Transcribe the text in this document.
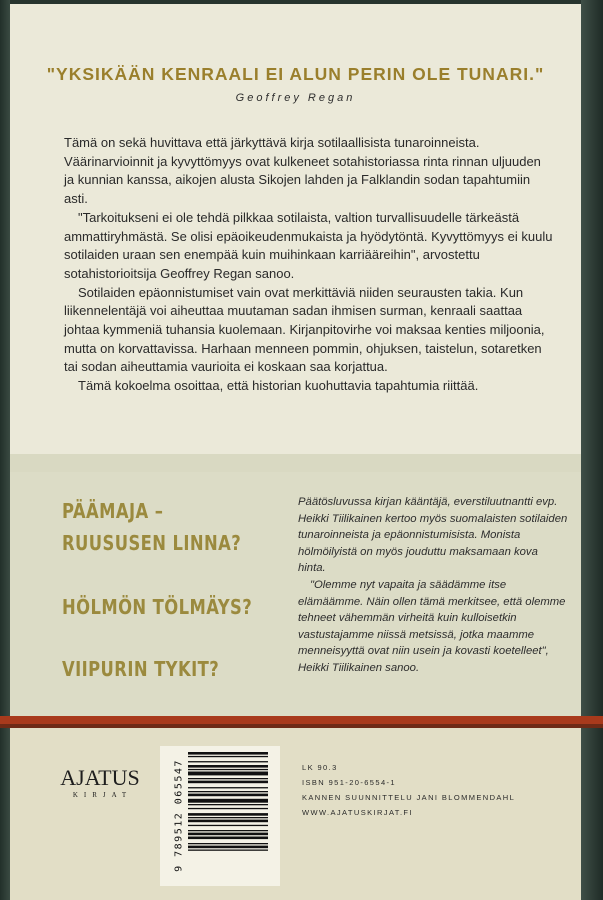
"YKSIKÄÄN KENRAALI EI ALUN PERIN OLE TUNARI."
Geoffrey Regan

Tämä on sekä huvittava että järkyttävä kirja sotilaallisista tunaroinneista. Väärinarvioinnit ja kyvyttömyys ovat kulkeneet sotahistoriassa rinta rinnan uljuuden ja kunnian kanssa, aikojen alusta Sikojen lahden ja Falklandin sodan tapahtumiin asti.

"Tarkoitukseni ei ole tehdä pilkkaa sotilaista, valtion turvallisuudelle tärkeästä ammattiryhmästä. Se olisi epäoikeudenmukaista ja hyödytöntä. Kyvyttömyys ei kuulu sotilaiden uraan sen enempää kuin muihinkaan karriääreihin", arvostettu sotahistorioitsija Geoffrey Regan sanoo.

Sotilaiden epäonnistumiset vain ovat merkittäviä niiden seurausten takia. Kun liikennelentäjä voi aiheuttaa muutaman sadan ihmisen surman, kenraali saattaa johtaa kymmeniä tuhansia kuolemaan. Kirjanpitovirhe voi maksaa kenties miljoonia, mutta on korvattavissa. Harhaan menneen pommin, ohjuksen, taistelun, sotaretken tai sodan aiheuttamia vaurioita ei koskaan saa korjattua.

Tämä kokoelma osoittaa, että historian kuohuttavia tapahtumia riittää.

PÄÄMAJA –
RUUSUSEN LINNA?
HÖLMÖN TÖLMÄYS?
VIIPURIN TYKIT?

Päätösluvussa kirjan kääntäjä, everstiluutnantti evp. Heikki Tiilikainen kertoo myös suomalaisten sotilaiden tunaroinneista ja epäonnistumisista. Monista hölmöilyistä on myös jouduttu maksamaan kova hinta.

"Olemme nyt vapaita ja säädämme itse elämäämme. Näin ollen tämä merkitsee, että olemme tehneet vähemmän virheitä kuin kulloisetkin vastustajamme niissä metsissä, jotka maamme menneisyyttä ovat niin usein ja kovasti koetelleet", Heikki Tiilikainen sanoo.

AJATUS
KIRJAT	9 789512 065547	LK 90.3
ISBN 951-20-6554-1
KANNEN SUUNNITTELU JANI BLOMMENDAHL
WWW.AJATUSKIRJAT.FI
